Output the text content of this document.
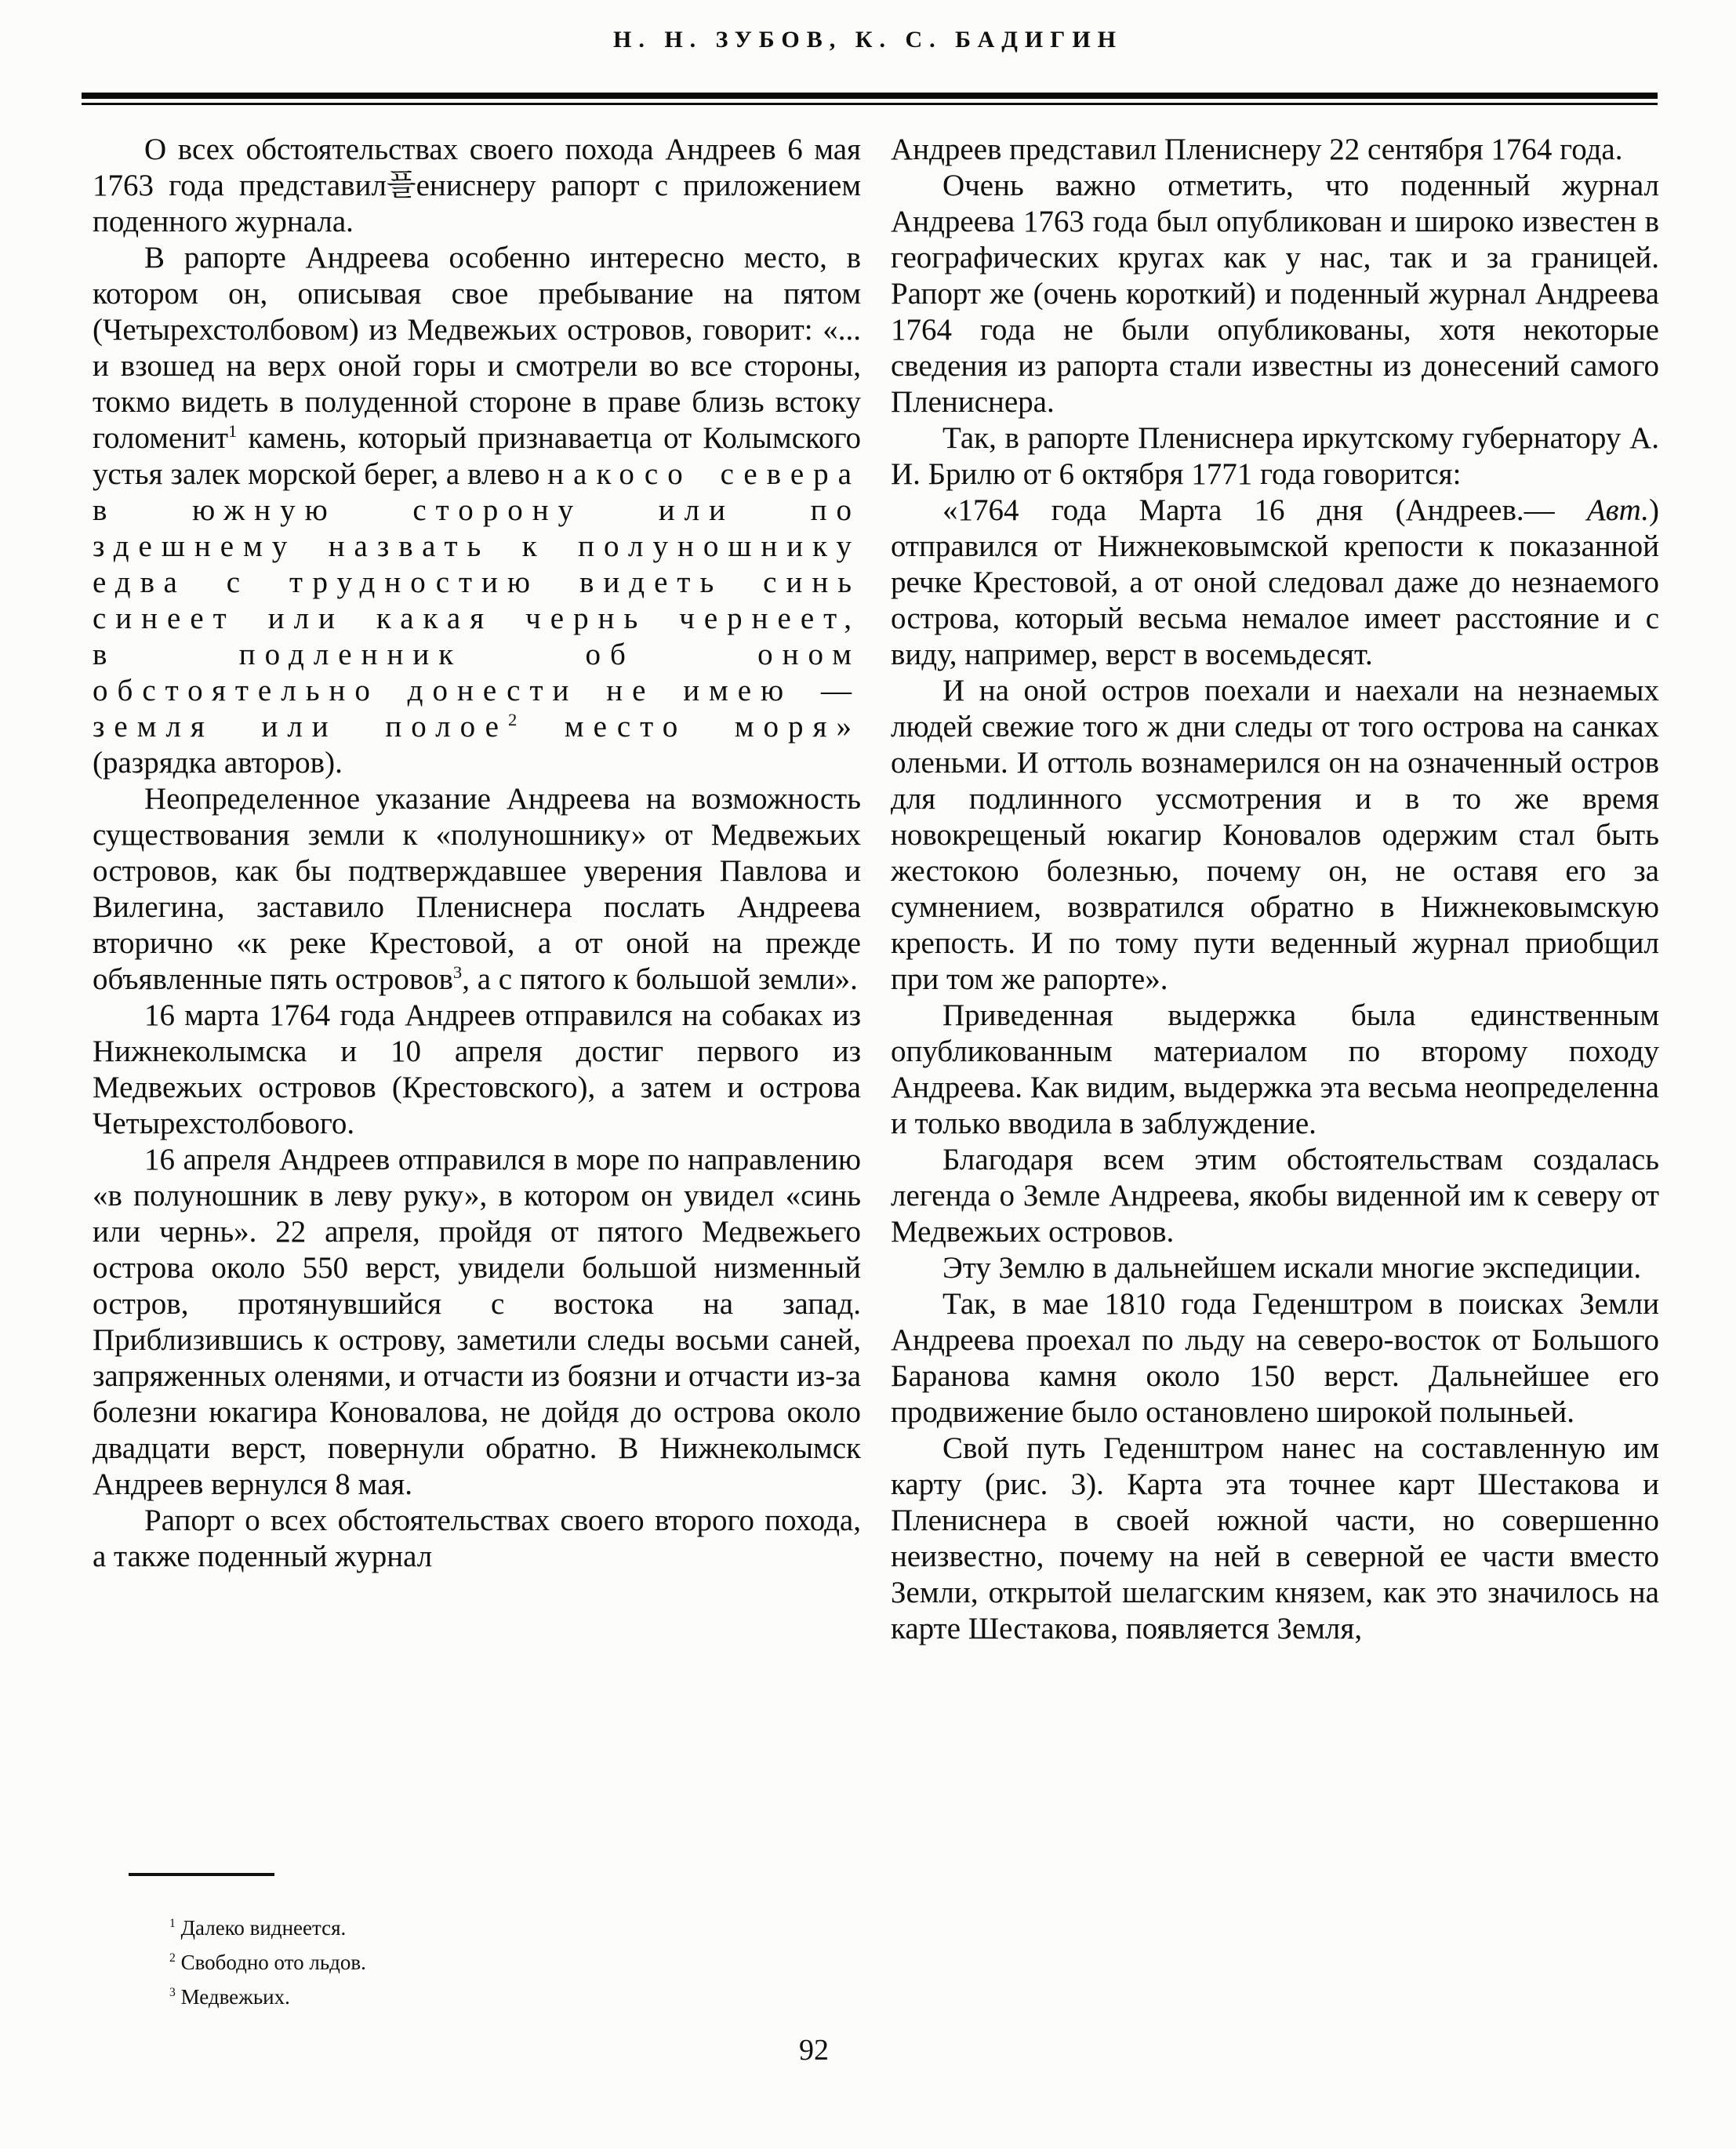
Н. Н. ЗУБОВ, К. С. БАДИГИН

О всех обстоятельствах своего похода Андреев 6 мая 1763 года представил플ениснеру рапорт с приложением поденного журнала.

В рапорте Андреева особенно интересно место, в котором он, описывая свое пребывание на пятом (Четырехстолбовом) из Медвежьих островов, говорит: «... и взошед на верх оной горы и смотрели во все стороны, токмо видеть в полуденной стороне в праве близь встоку голоменит$^1$ камень, который признаваетца от Колымского устья залек морской берег, а влево накосо севера в южную сторону или по здешнему назвать к полуношнику едва с трудностию видеть синь синеет или какая чернь чернеет, в подленник об оном обстоятельно донести не имею — земля или полое$^2$ место моря» (разрядка авторов).

Неопределенное указание Андреева на возможность существования земли к «полуношнику» от Медвежьих островов, как бы подтверждавшее уверения Павлова и Вилегина, заставило Плениснера послать Андреева вторично «к реке Крестовой, а от оной на прежде объявленные пять островов$^3$, а с пятого к большой земли».

16 марта 1764 года Андреев отправился на собаках из Нижнеколымска и 10 апреля достиг первого из Медвежьих островов (Крестовского), а затем и острова Четырехстолбового.

16 апреля Андреев отправился в море по направлению «в полуношник в леву руку», в котором он увидел «синь или чернь». 22 апреля, пройдя от пятого Медвежьего острова около 550 верст, увидели большой низменный остров, протянувшийся с востока на запад. Приблизившись к острову, заметили следы восьми саней, запряженных оленями, и отчасти из боязни и отчасти из-за болезни юкагира Коновалова, не дойдя до острова около двадцати верст, повернули обратно. В Нижнеколымск Андреев вернулся 8 мая.

Рапорт о всех обстоятельствах своего второго похода, а также поденный журнал

$^1$ Далеко виднеется.

$^2$ Свободно ото льдов.

$^3$ Медвежьих.

Андреев представил Плениснеру 22 сентября 1764 года.

Очень важно отметить, что поденный журнал Андреева 1763 года был опубликован и широко известен в географических кругах как у нас, так и за границей. Рапорт же (очень короткий) и поденный журнал Андреева 1764 года не были опубликованы, хотя некоторые сведения из рапорта стали известны из донесений самого Плениснера.

Так, в рапорте Плениснера иркутскому губернатору А. И. Брилю от 6 октября 1771 года говорится:

«1764 года Марта 16 дня (Андреев.— Авт.) отправился от Нижнековымской крепости к показанной речке Крестовой, а от оной следовал даже до незнаемого острова, который весьма немалое имеет расстояние и с виду, например, верст в восемьдесят.

И на оной остров поехали и наехали на незнаемых людей свежие того ж дни следы от того острова на санках оленьми. И оттоль вознамерился он на означенный остров для подлинного уссмотрения и в то же время новокрещеный юкагир Коновалов одержим стал быть жестокою болезнью, почему он, не оставя его за сумнением, возвратился обратно в Нижнековымскую крепость. И по тому пути веденный журнал приобщил при том же рапорте».

Приведенная выдержка была единственным опубликованным материалом по второму походу Андреева. Как видим, выдержка эта весьма неопределенна и только вводила в заблуждение.

Благодаря всем этим обстоятельствам создалась легенда о Земле Андреева, якобы виденной им к северу от Медвежьих островов.

Эту Землю в дальнейшем искали многие экспедиции.

Так, в мае 1810 года Геденштром в поисках Земли Андреева проехал по льду на северо-восток от Большого Баранова камня около 150 верст. Дальнейшее его продвижение было остановлено широкой полыньей.

Свой путь Геденштром нанес на составленную им карту (рис. 3). Карта эта точнее карт Шестакова и Плениснера в своей южной части, но совершенно неизвестно, почему на ней в северной ее части вместо Земли, открытой шелагским князем, как это значилось на карте Шестакова, появляется Земля,

92
